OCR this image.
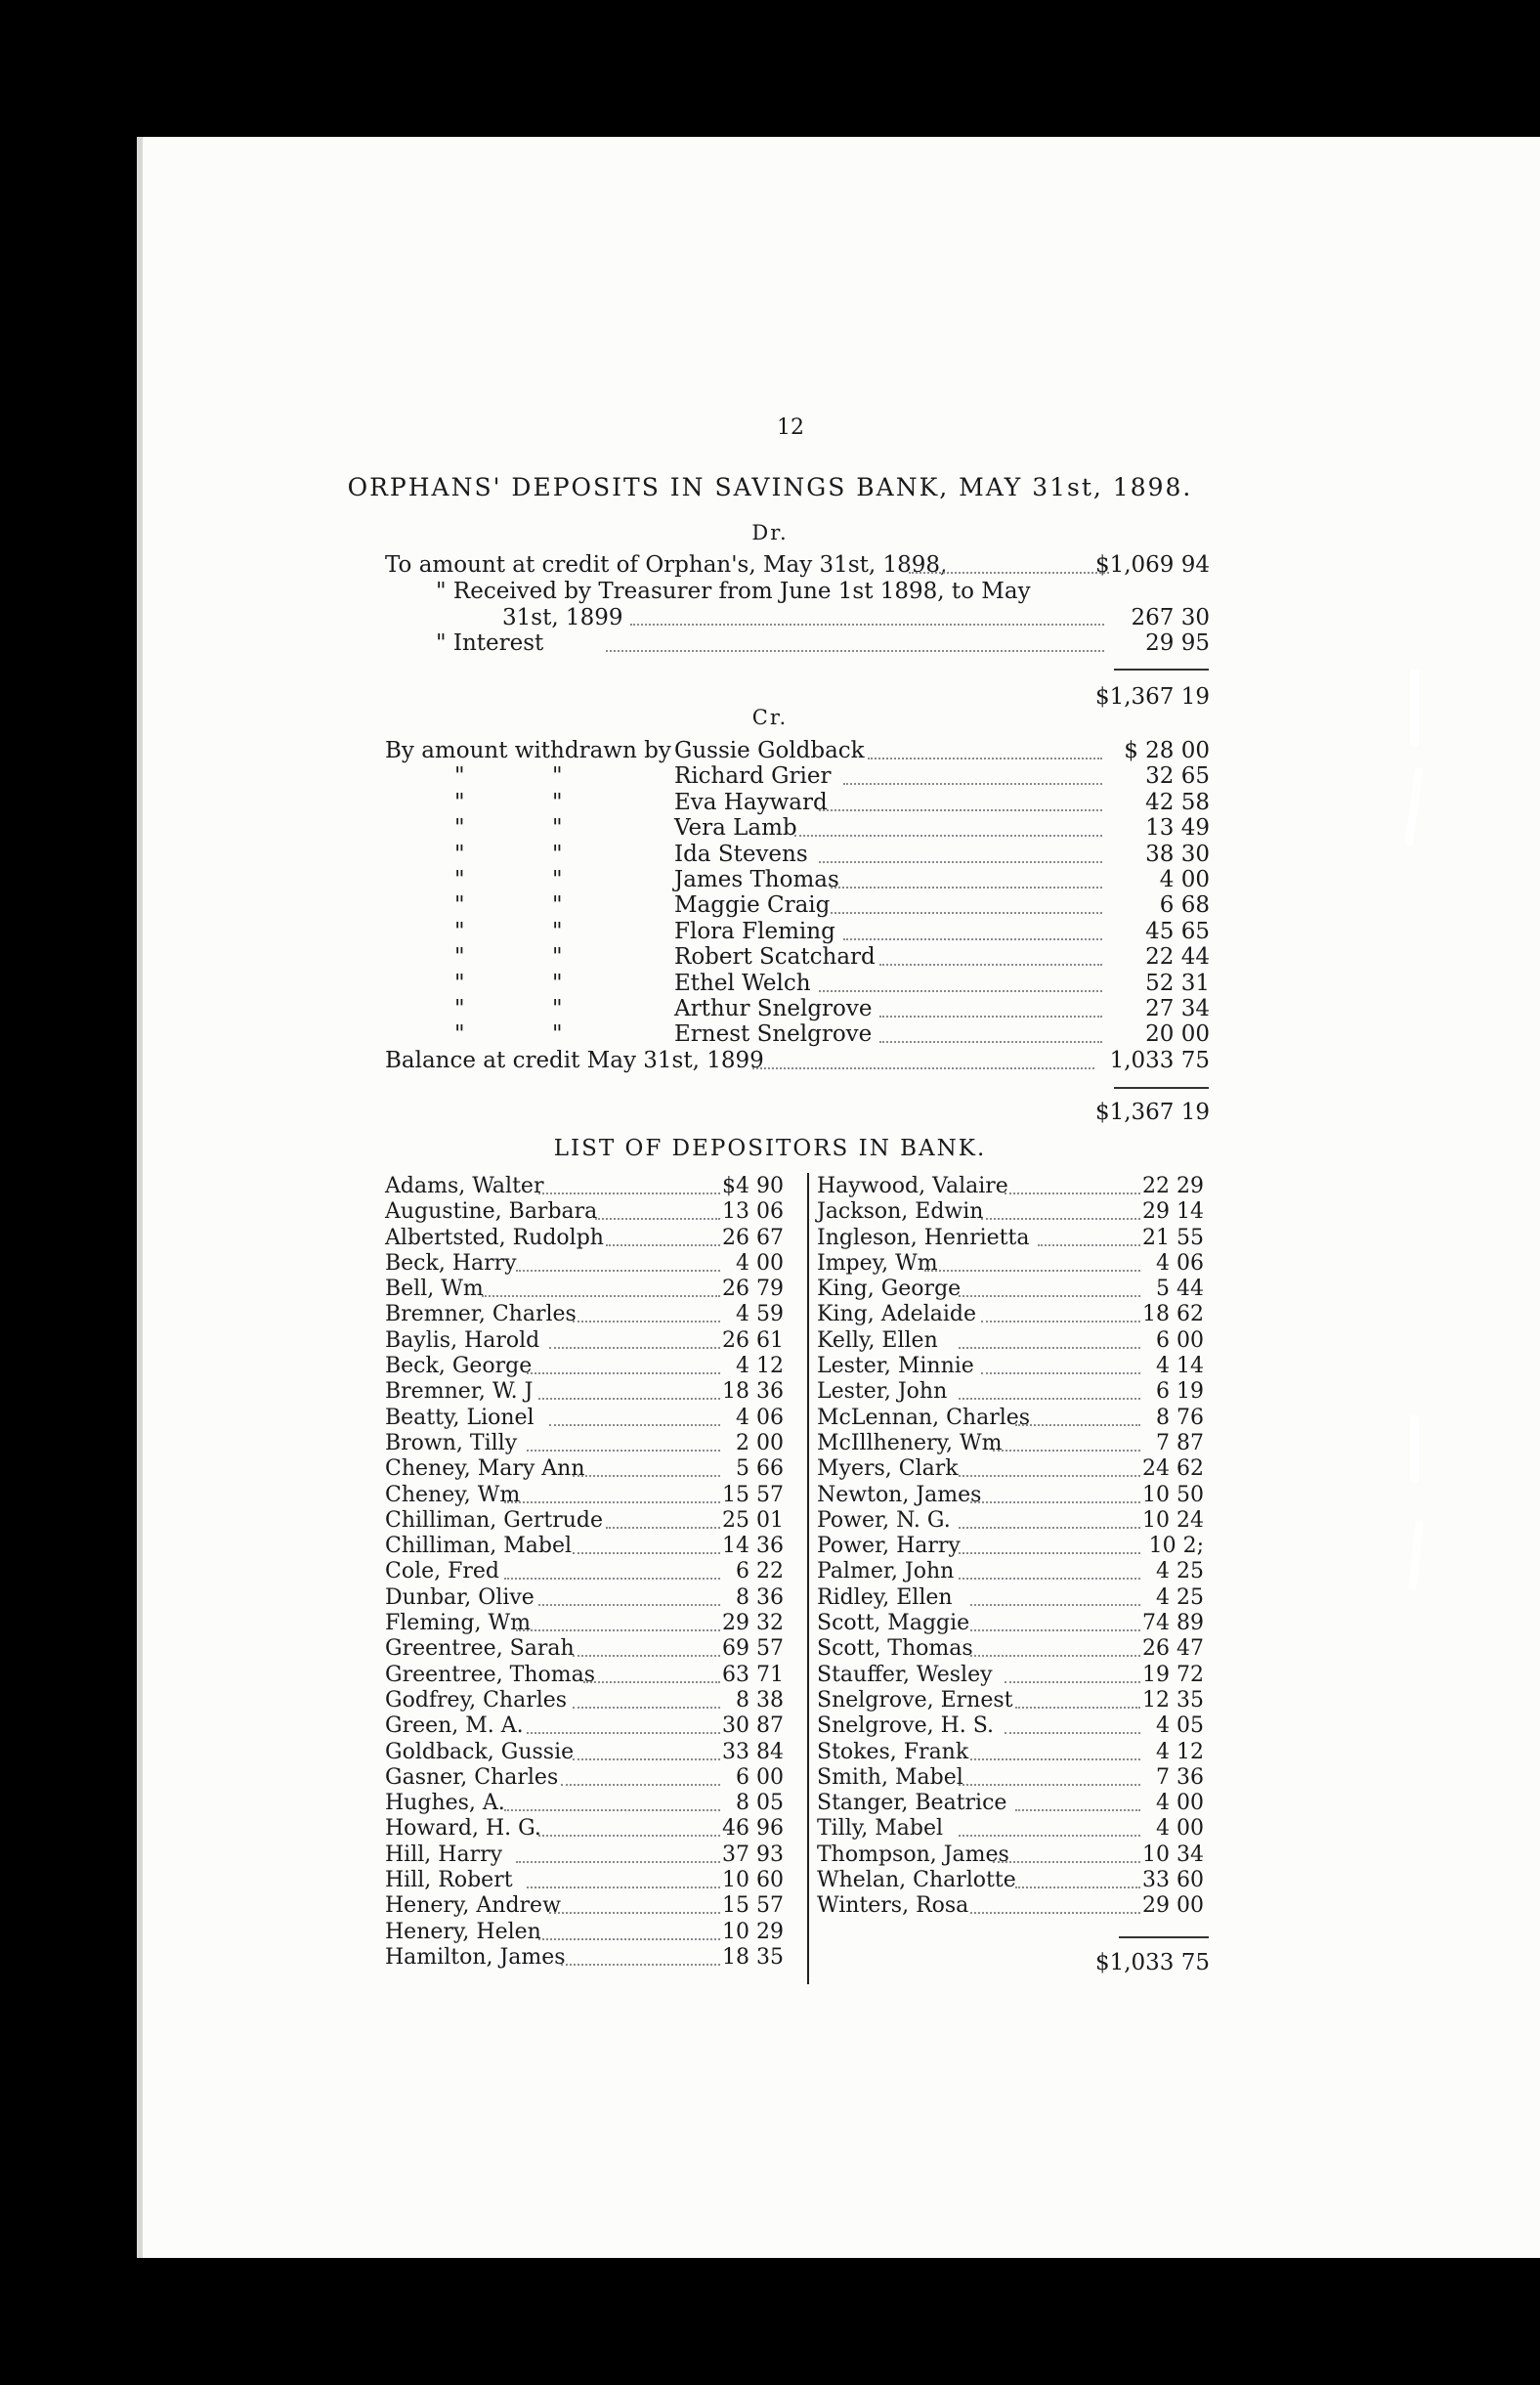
12
ORPHANS' DEPOSITS IN SAVINGS BANK, MAY 31st, 1898.
Dr.
To amount at credit of Orphan's, May 31st, 1898,	$1,069 94
" Received by Treasurer from June 1st 1898, to May
31st, 1899	267 30
" Interest	29 95
$1,367 19
Cr.
By amount withdrawn by Gussie Goldback	$ 28 00
"	"	Richard Grier	32 65
"	"	Eva Hayward	42 58
"	"	Vera Lamb	13 49
"	"	Ida Stevens	38 30
"	"	James Thomas	4 00
"	"	Maggie Craig	6 68
"	"	Flora Fleming	45 65
"	"	Robert Scatchard	22 44
"	"	Ethel Welch	52 31
"	"	Arthur Snelgrove	27 34
"	"	Ernest Snelgrove	20 00
Balance at credit May 31st, 1899	1,033 75
$1,367 19
LIST OF DEPOSITORS IN BANK.
Adams, Walter	$4 90
Augustine, Barbara	13 06
Albertsted, Rudolph	26 67
Beck, Harry	4 00
Bell, Wm	26 79
Bremner, Charles	4 59
Baylis, Harold	26 61
Beck, George	4 12
Bremner, W. J	18 36
Beatty, Lionel	4 06
Brown, Tilly	2 00
Cheney, Mary Ann	5 66
Cheney, Wm	15 57
Chilliman, Gertrude	25 01
Chilliman, Mabel	14 36
Cole, Fred	6 22
Dunbar, Olive	8 36
Fleming, Wm	29 32
Greentree, Sarah	69 57
Greentree, Thomas	63 71
Godfrey, Charles	8 38
Green, M. A.	30 87
Goldback, Gussie	33 84
Gasner, Charles	6 00
Hughes, A.	8 05
Howard, H. G.	46 96
Hill, Harry	37 93
Hill, Robert	10 60
Henery, Andrew	15 57
Henery, Helen	10 29
Hamilton, James	18 35
Haywood, Valaire	22 29
Jackson, Edwin	29 14
Ingleson, Henrietta	21 55
Impey, Wm	4 06
King, George	5 44
King, Adelaide	18 62
Kelly, Ellen	6 00
Lester, Minnie	4 14
Lester, John	6 19
McLennan, Charles	8 76
McIllhenery, Wm	7 87
Myers, Clark	24 62
Newton, James	10 50
Power, N. G.	10 24
Power, Harry	10 2;
Palmer, John	4 25
Ridley, Ellen	4 25
Scott, Maggie	74 89
Scott, Thomas	26 47
Stauffer, Wesley	19 72
Snelgrove, Ernest	12 35
Snelgrove, H. S.	4 05
Stokes, Frank	4 12
Smith, Mabel	7 36
Stanger, Beatrice	4 00
Tilly, Mabel	4 00
Thompson, James	10 34
Whelan, Charlotte	33 60
Winters, Rosa	29 00
$1,033 75
